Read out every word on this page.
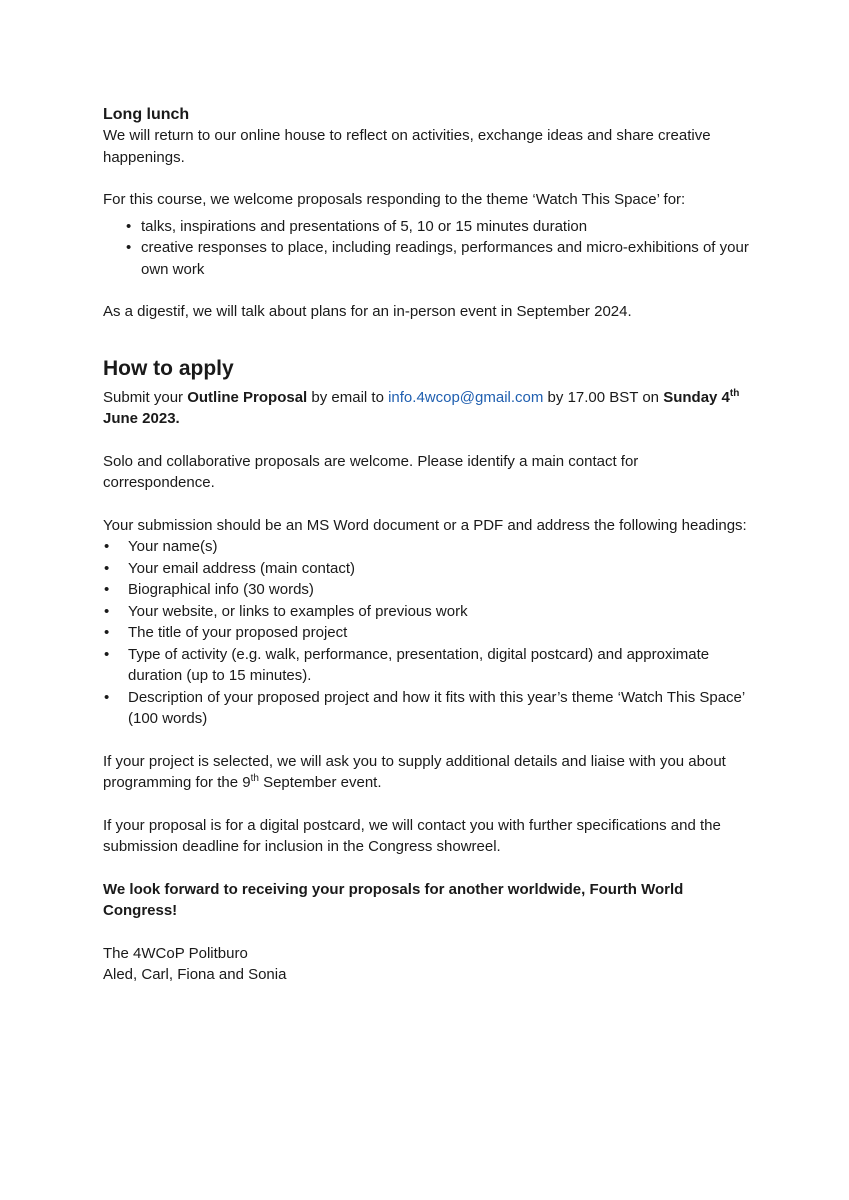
Long lunch

We will return to our online house to reflect on activities, exchange ideas and share creative happenings.

For this course, we welcome proposals responding to the theme ‘Watch This Space’ for:

• talks, inspirations and presentations of 5, 10 or 15 minutes duration
• creative responses to place, including readings, performances and micro-exhibitions of your own work

As a digestif, we will talk about plans for an in-person event in September 2024.

How to apply

Submit your Outline Proposal by email to info.4wcop@gmail.com by 17.00 BST on Sunday 4th June 2023.

Solo and collaborative proposals are welcome. Please identify a main contact for correspondence.

Your submission should be an MS Word document or a PDF and address the following headings:

• Your name(s)
• Your email address (main contact)
• Biographical info (30 words)
• Your website, or links to examples of previous work
• The title of your proposed project
• Type of activity (e.g. walk, performance, presentation, digital postcard) and approximate duration (up to 15 minutes).
• Description of your proposed project and how it fits with this year’s theme ‘Watch This Space’ (100 words)

If your project is selected, we will ask you to supply additional details and liaise with you about programming for the 9th September event.

If your proposal is for a digital postcard, we will contact you with further specifications and the submission deadline for inclusion in the Congress showreel.

We look forward to receiving your proposals for another worldwide, Fourth World Congress!

The 4WCoP Politburo

Aled, Carl, Fiona and Sonia
